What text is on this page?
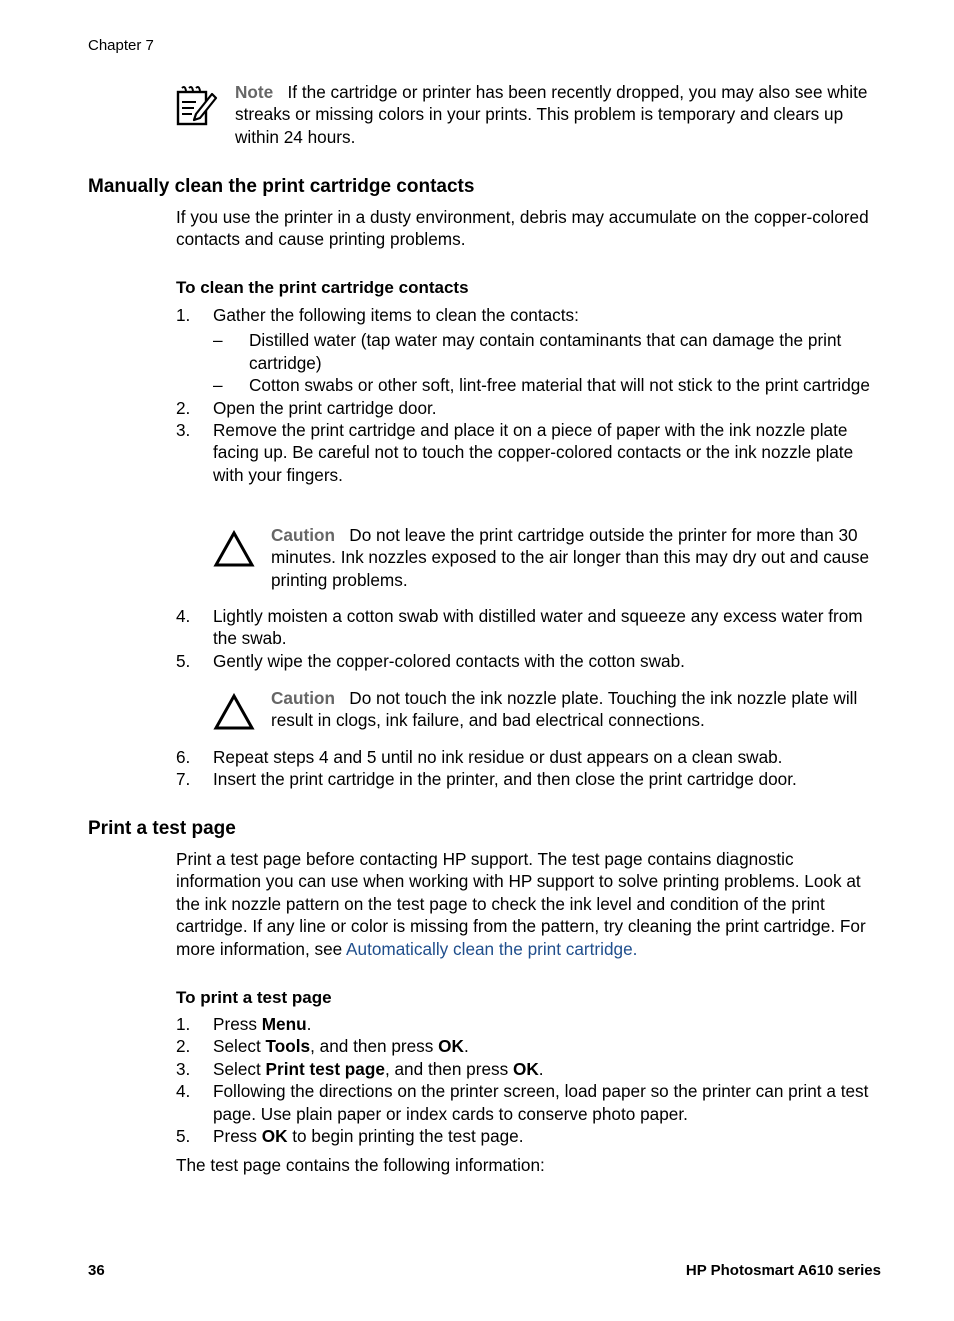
Chapter 7
Note If the cartridge or printer has been recently dropped, you may also see white streaks or missing colors in your prints. This problem is temporary and clears up within 24 hours.
Manually clean the print cartridge contacts
If you use the printer in a dusty environment, debris may accumulate on the copper-colored contacts and cause printing problems.
To clean the print cartridge contacts
1. Gather the following items to clean the contacts:
– Distilled water (tap water may contain contaminants that can damage the print cartridge)
– Cotton swabs or other soft, lint-free material that will not stick to the print cartridge
2. Open the print cartridge door.
3. Remove the print cartridge and place it on a piece of paper with the ink nozzle plate facing up. Be careful not to touch the copper-colored contacts or the ink nozzle plate with your fingers.
Caution Do not leave the print cartridge outside the printer for more than 30 minutes. Ink nozzles exposed to the air longer than this may dry out and cause printing problems.
4. Lightly moisten a cotton swab with distilled water and squeeze any excess water from the swab.
5. Gently wipe the copper-colored contacts with the cotton swab.
Caution Do not touch the ink nozzle plate. Touching the ink nozzle plate will result in clogs, ink failure, and bad electrical connections.
6. Repeat steps 4 and 5 until no ink residue or dust appears on a clean swab.
7. Insert the print cartridge in the printer, and then close the print cartridge door.
Print a test page
Print a test page before contacting HP support. The test page contains diagnostic information you can use when working with HP support to solve printing problems. Look at the ink nozzle pattern on the test page to check the ink level and condition of the print cartridge. If any line or color is missing from the pattern, try cleaning the print cartridge. For more information, see Automatically clean the print cartridge.
To print a test page
1. Press Menu.
2. Select Tools, and then press OK.
3. Select Print test page, and then press OK.
4. Following the directions on the printer screen, load paper so the printer can print a test page. Use plain paper or index cards to conserve photo paper.
5. Press OK to begin printing the test page.
The test page contains the following information:
36	HP Photosmart A610 series
